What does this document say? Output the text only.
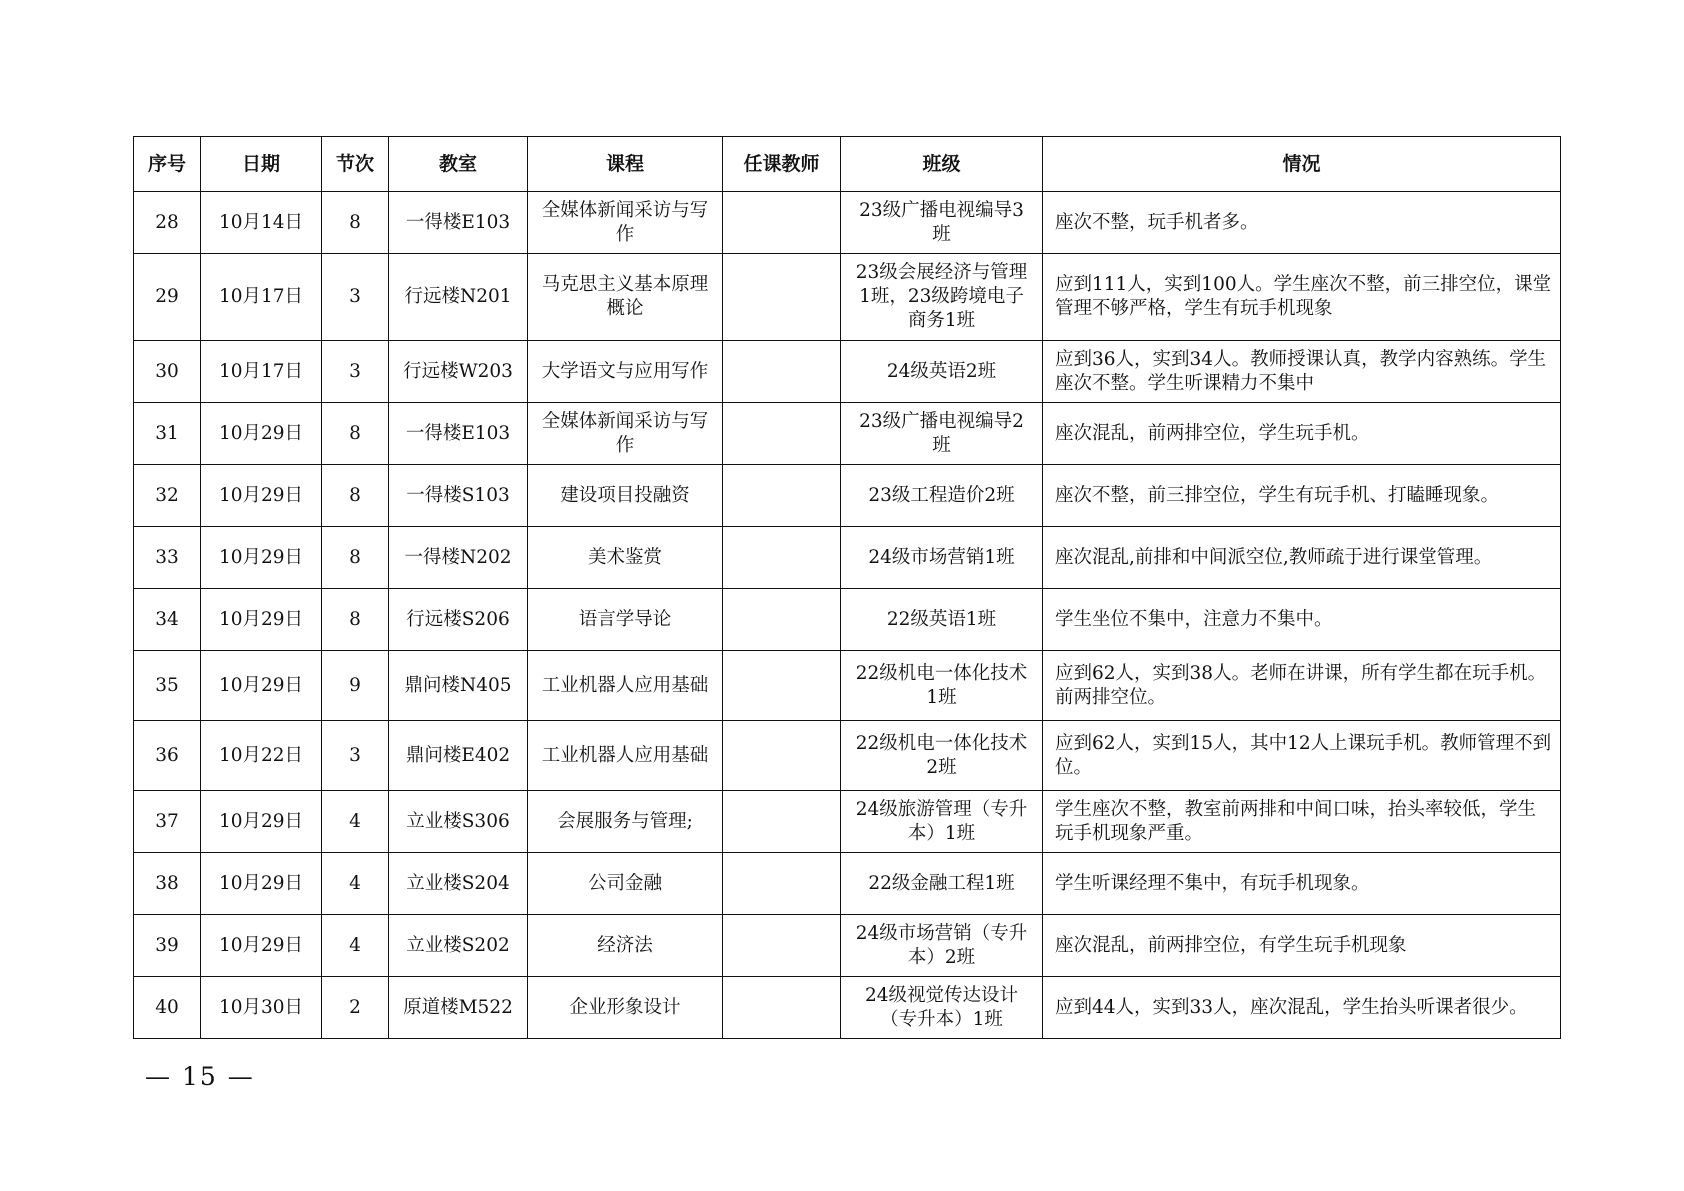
序号	日期	节次	教室	课程	任课教师	班级	情况
28	10月14日	8	一得楼E103	全媒体新闻采访与写作		23级广播电视编导3班	座次不整，玩手机者多。
29	10月17日	3	行远楼N201	马克思主义基本原理概论		23级会展经济与管理1班，23级跨境电子商务1班	应到111人，实到100人。学生座次不整，前三排空位，课堂管理不够严格，学生有玩手机现象
30	10月17日	3	行远楼W203	大学语文与应用写作		24级英语2班	应到36人，实到34人。教师授课认真，教学内容熟练。学生座次不整。学生听课精力不集中
31	10月29日	8	一得楼E103	全媒体新闻采访与写作		23级广播电视编导2班	座次混乱，前两排空位，学生玩手机。
32	10月29日	8	一得楼S103	建设项目投融资		23级工程造价2班	座次不整，前三排空位，学生有玩手机、打瞌睡现象。
33	10月29日	8	一得楼N202	美术鉴赏		24级市场营销1班	座次混乱,前排和中间派空位,教师疏于进行课堂管理。
34	10月29日	8	行远楼S206	语言学导论		22级英语1班	学生坐位不集中，注意力不集中。
35	10月29日	9	鼎问楼N405	工业机器人应用基础		22级机电一体化技术1班	应到62人，实到38人。老师在讲课，所有学生都在玩手机。前两排空位。
36	10月22日	3	鼎问楼E402	工业机器人应用基础		22级机电一体化技术2班	应到62人，实到15人，其中12人上课玩手机。教师管理不到位。
37	10月29日	4	立业楼S306	会展服务与管理;		24级旅游管理（专升本）1班	学生座次不整，教室前两排和中间口味，抬头率较低，学生玩手机现象严重。
38	10月29日	4	立业楼S204	公司金融		22级金融工程1班	学生听课经理不集中，有玩手机现象。
39	10月29日	4	立业楼S202	经济法		24级市场营销（专升本）2班	座次混乱，前两排空位，有学生玩手机现象
40	10月30日	2	原道楼M522	企业形象设计		24级视觉传达设计（专升本）1班	应到44人，实到33人，座次混乱，学生抬头听课者很少。
— 15 —
